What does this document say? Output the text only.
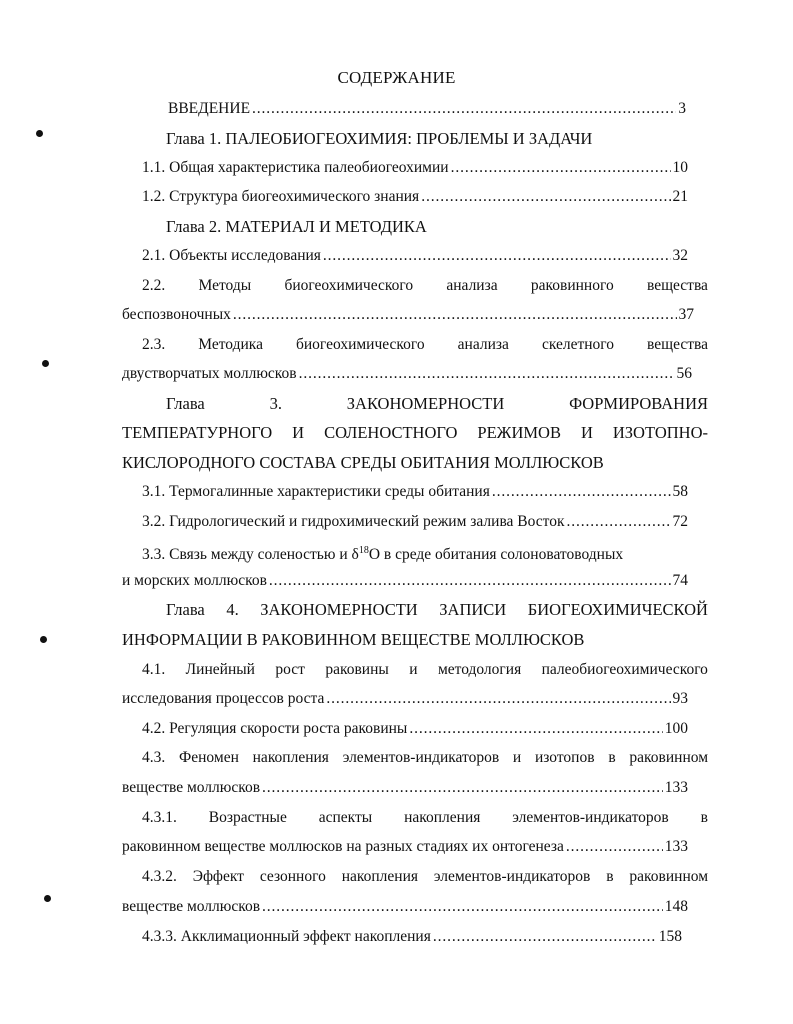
СОДЕРЖАНИЕ
ВВЕДЕНИЕ . . .	3
Глава 1. ПАЛЕОБИОГЕОХИМИЯ: ПРОБЛЕМЫ И ЗАДАЧИ
1.1. Общая характеристика палеобиогеохимии . . .	10
1.2. Структура биогеохимического знания . . .	21
Глава 2. МАТЕРИАЛ И МЕТОДИКА
2.1. Объекты исследования . . .	32
2.2. Методы биогеохимического анализа раковинного вещества
беспозвоночных . . .	37
2.3. Методика биогеохимического анализа скелетного вещества
двустворчатых моллюсков . . .	56
Глава	3.	ЗАКОНОМЕРНОСТИ	ФОРМИРОВАНИЯ
ТЕМПЕРАТУРНОГО И СОЛЕНОСТНОГО РЕЖИМОВ И ИЗОТОПНО-
КИСЛОРОДНОГО СОСТАВА СРЕДЫ ОБИТАНИЯ МОЛЛЮСКОВ
3.1. Термогалинные характеристики среды обитания . . .	58
3.2. Гидрологический и гидрохимический режим залива Восток . . .	72
3.3. Связь между соленостью и $\delta^{18}O$ в среде обитания солоноватоводных
и морских моллюсков . . .	74
Глава 4. ЗАКОНОМЕРНОСТИ ЗАПИСИ БИОГЕОХИМИЧЕСКОЙ
ИНФОРМАЦИИ В РАКОВИННОМ ВЕЩЕСТВЕ МОЛЛЮСКОВ
4.1. Линейный рост раковины и методология палеобиогеохимического
исследования процессов роста . . .	93
4.2. Регуляция скорости роста раковины . . .	100
4.3. Феномен накопления элементов-индикаторов и изотопов в раковинном
веществе моллюсков . . .	133
4.3.1. Возрастные аспекты накопления элементов-индикаторов в
раковинном веществе моллюсков на разных стадиях их онтогенеза . . .	133
4.3.2. Эффект сезонного накопления элементов-индикаторов в раковинном
веществе моллюсков . . .	148
4.3.3. Акклимационный эффект накопления . . .	158
